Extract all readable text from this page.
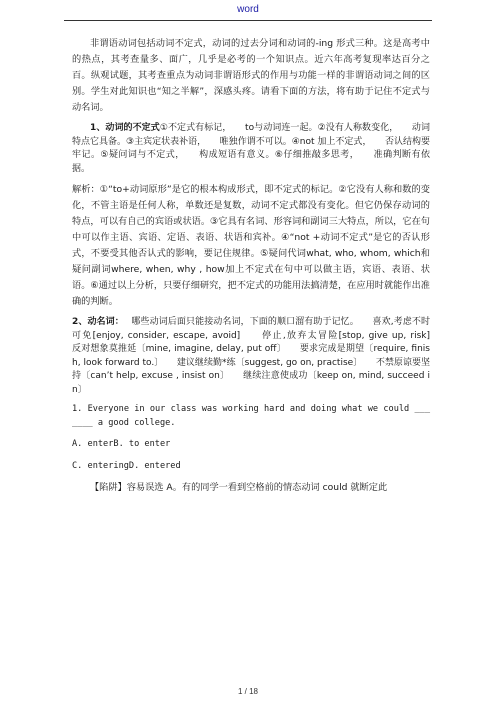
word

非谓语动词包括动词不定式，动词的过去分词和动词的-ing 形式三种。这是高考中的热点，其考查量多、面广，几乎是必考的一个知识点。近六年高考复现率达百分之百。纵观试题，其考查重点为动词非谓语形式的作用与功能一样的非谓语动词之间的区别。学生对此知识也“知之半解”，深感头疼。请看下面的方法，将有助于记住不定式与动名词。

1、动词的不定式①不定式有标记，　　to与动词连一起。②没有人称数变化，　　动词特点它具备。③主宾定状表补语，　　唯独作谓不可以。④not 加上不定式，　　否认结构要牢记。⑤疑问词与不定式，　　构成短语有意义。⑥仔细推敲多思考，　　准确判断有依据。

解析：①“to+动词原形”是它的根本构成形式，即不定式的标记。②它没有人称和数的变化，不管主语是任何人称，单数还是复数，动词不定式都没有变化。但它仍保存动词的特点，可以有自己的宾语或状语。③它具有名词、形容词和副词三大特点，所以，它在句中可以作主语、宾语、定语、表语、状语和宾补。④“not +动词不定式”是它的否认形式，不要受其他否认式的影响，要记住规律。⑤疑问代词what, who, whom, which和疑问副词where, when, why , how加上不定式在句中可以做主语，宾语、表语、状语。⑥通过以上分析，只要仔细研究，把不定式的功能用法搞清楚，在应用时就能作出准确的判断。

2、动名词：　 哪些动词后面只能接动名词，下面的顺口溜有助于记忆。　　喜欢,考虑不时可免[enjoy, consider, escape, avoid]　　停止,放弃太冒险[stop, give up, risk]　　反对想象莫推延〔mine, imagine, delay, put off〕　　要求完成是期望〔require, finish, look forward to.〕　　建议继续勤*练〔suggest, go on, practise〕　　不禁原谅要坚持〔can’t help, excuse , insist on〕　　继续注意使成功〔keep on, mind, succeed in〕

1. Everyone in our class was working hard and doing what we could _______ a good college.

A. enterB. to enter

C. enteringD. entered

【陷阱】容易误选 A。有的同学一看到空格前的情态动词 could 就断定此

1 / 18
